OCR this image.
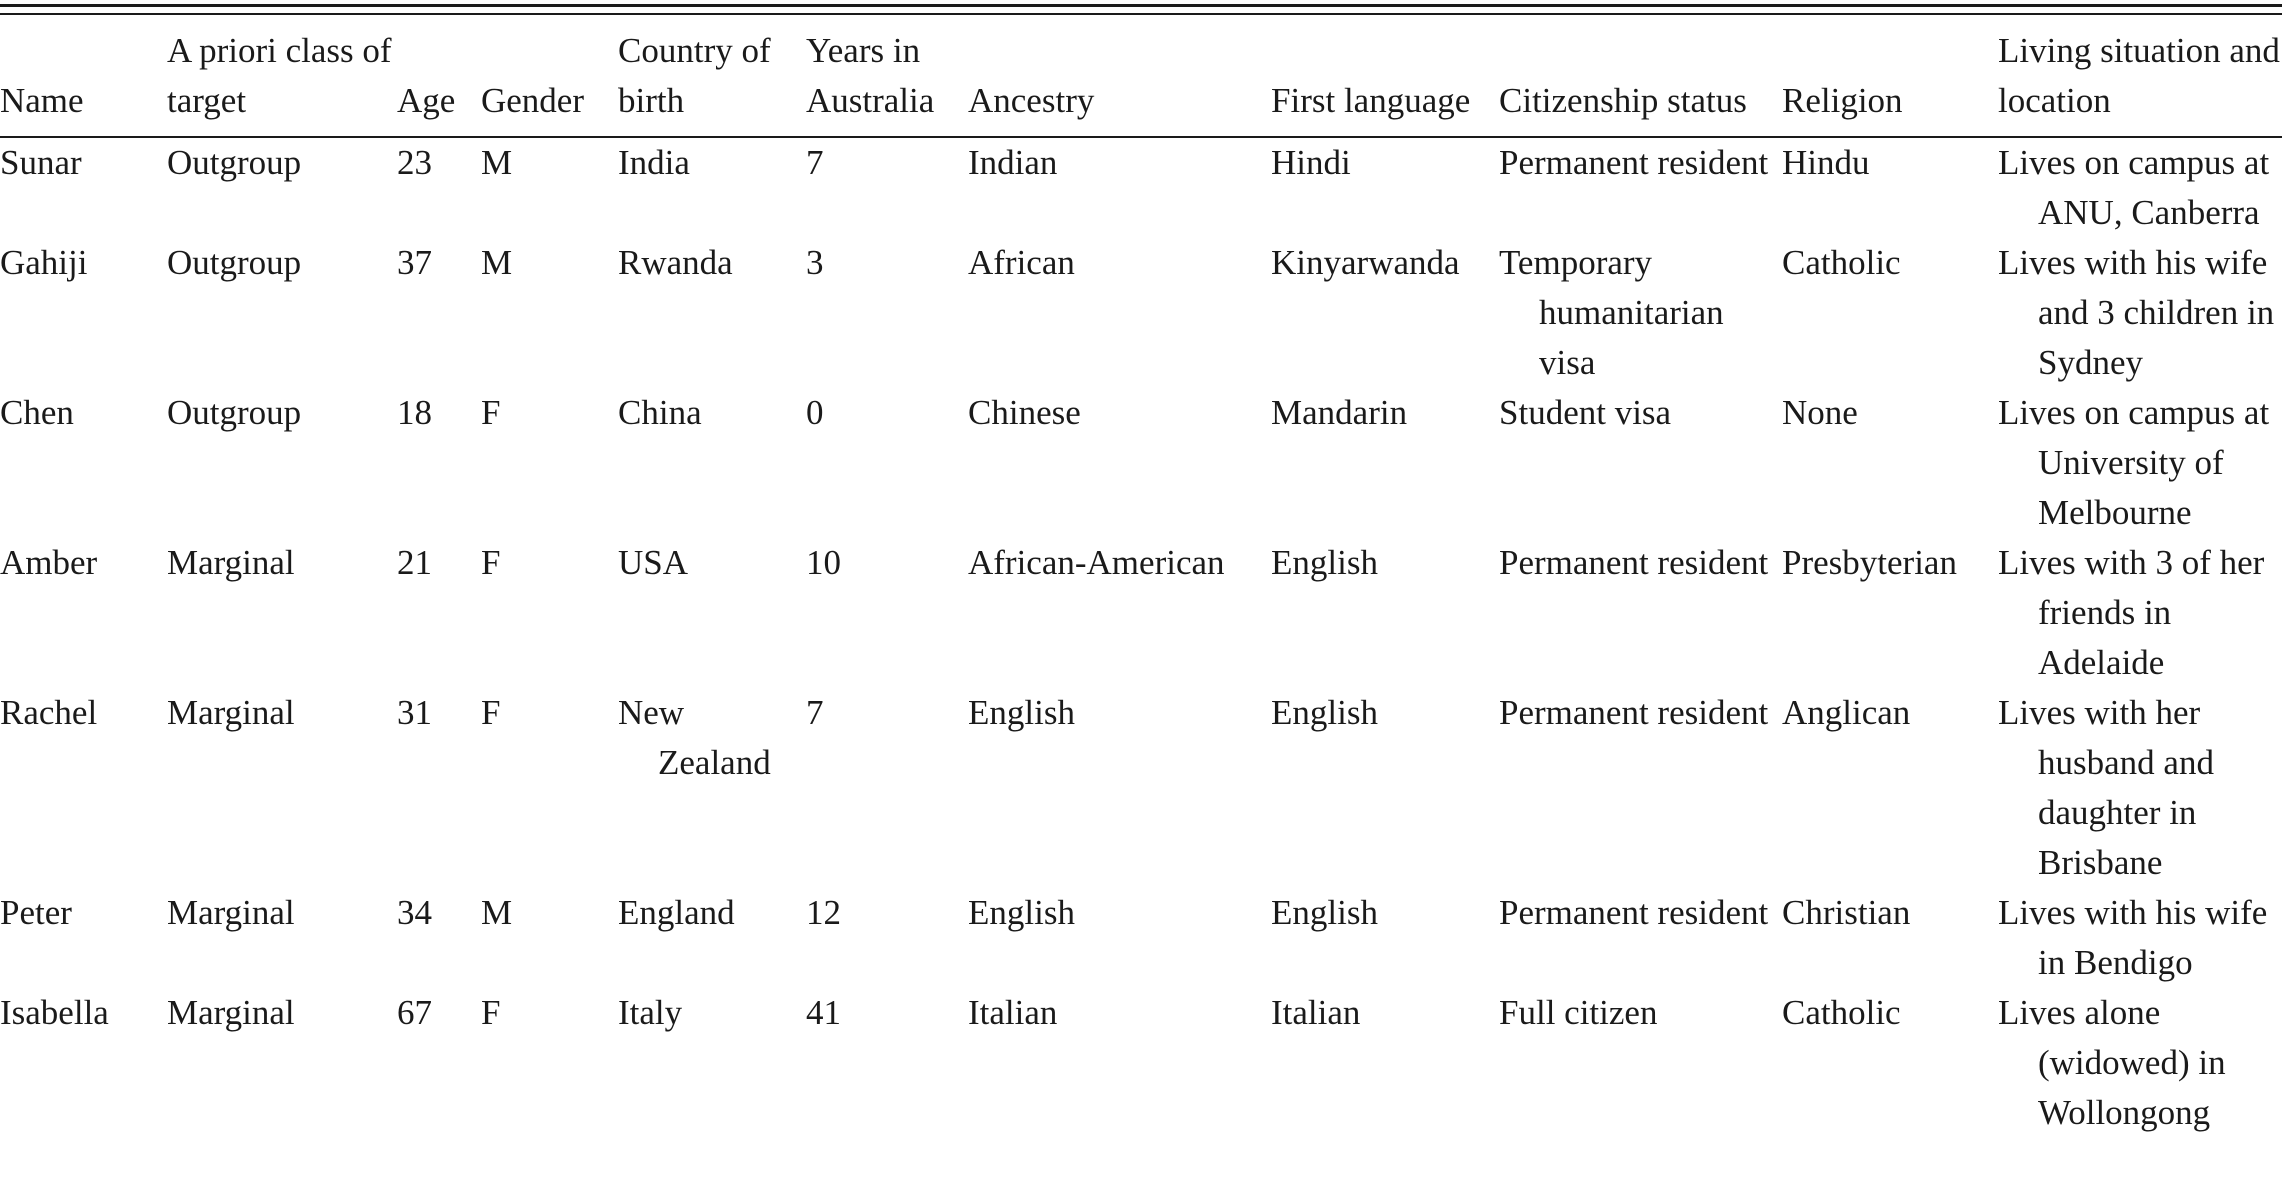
Name	A priori class of target	Age	Gender	Country of birth	Years in Australia	Ancestry	First language	Citizenship status	Religion	Living situation and location

Sunar	Outgroup	23	M	India	7	Indian	Hindi	Permanent resident	Hindu	Lives on campus at ANU, Canberra

Gahiji	Outgroup	37	M	Rwanda	3	African	Kinyarwanda	Temporary humanitarian visa	Catholic	Lives with his wife and 3 children in Sydney

Chen	Outgroup	18	F	China	0	Chinese	Mandarin	Student visa	None	Lives on campus at University of Melbourne

Amber	Marginal	21	F	USA	10	African-American	English	Permanent resident	Presbyterian	Lives with 3 of her friends in Adelaide

Rachel	Marginal	31	F	New Zealand	7	English	English	Permanent resident	Anglican	Lives with her husband and daughter in Brisbane

Peter	Marginal	34	M	England	12	English	English	Permanent resident	Christian	Lives with his wife in Bendigo

Isabella	Marginal	67	F	Italy	41	Italian	Italian	Full citizen	Catholic	Lives alone (widowed) in Wollongong
